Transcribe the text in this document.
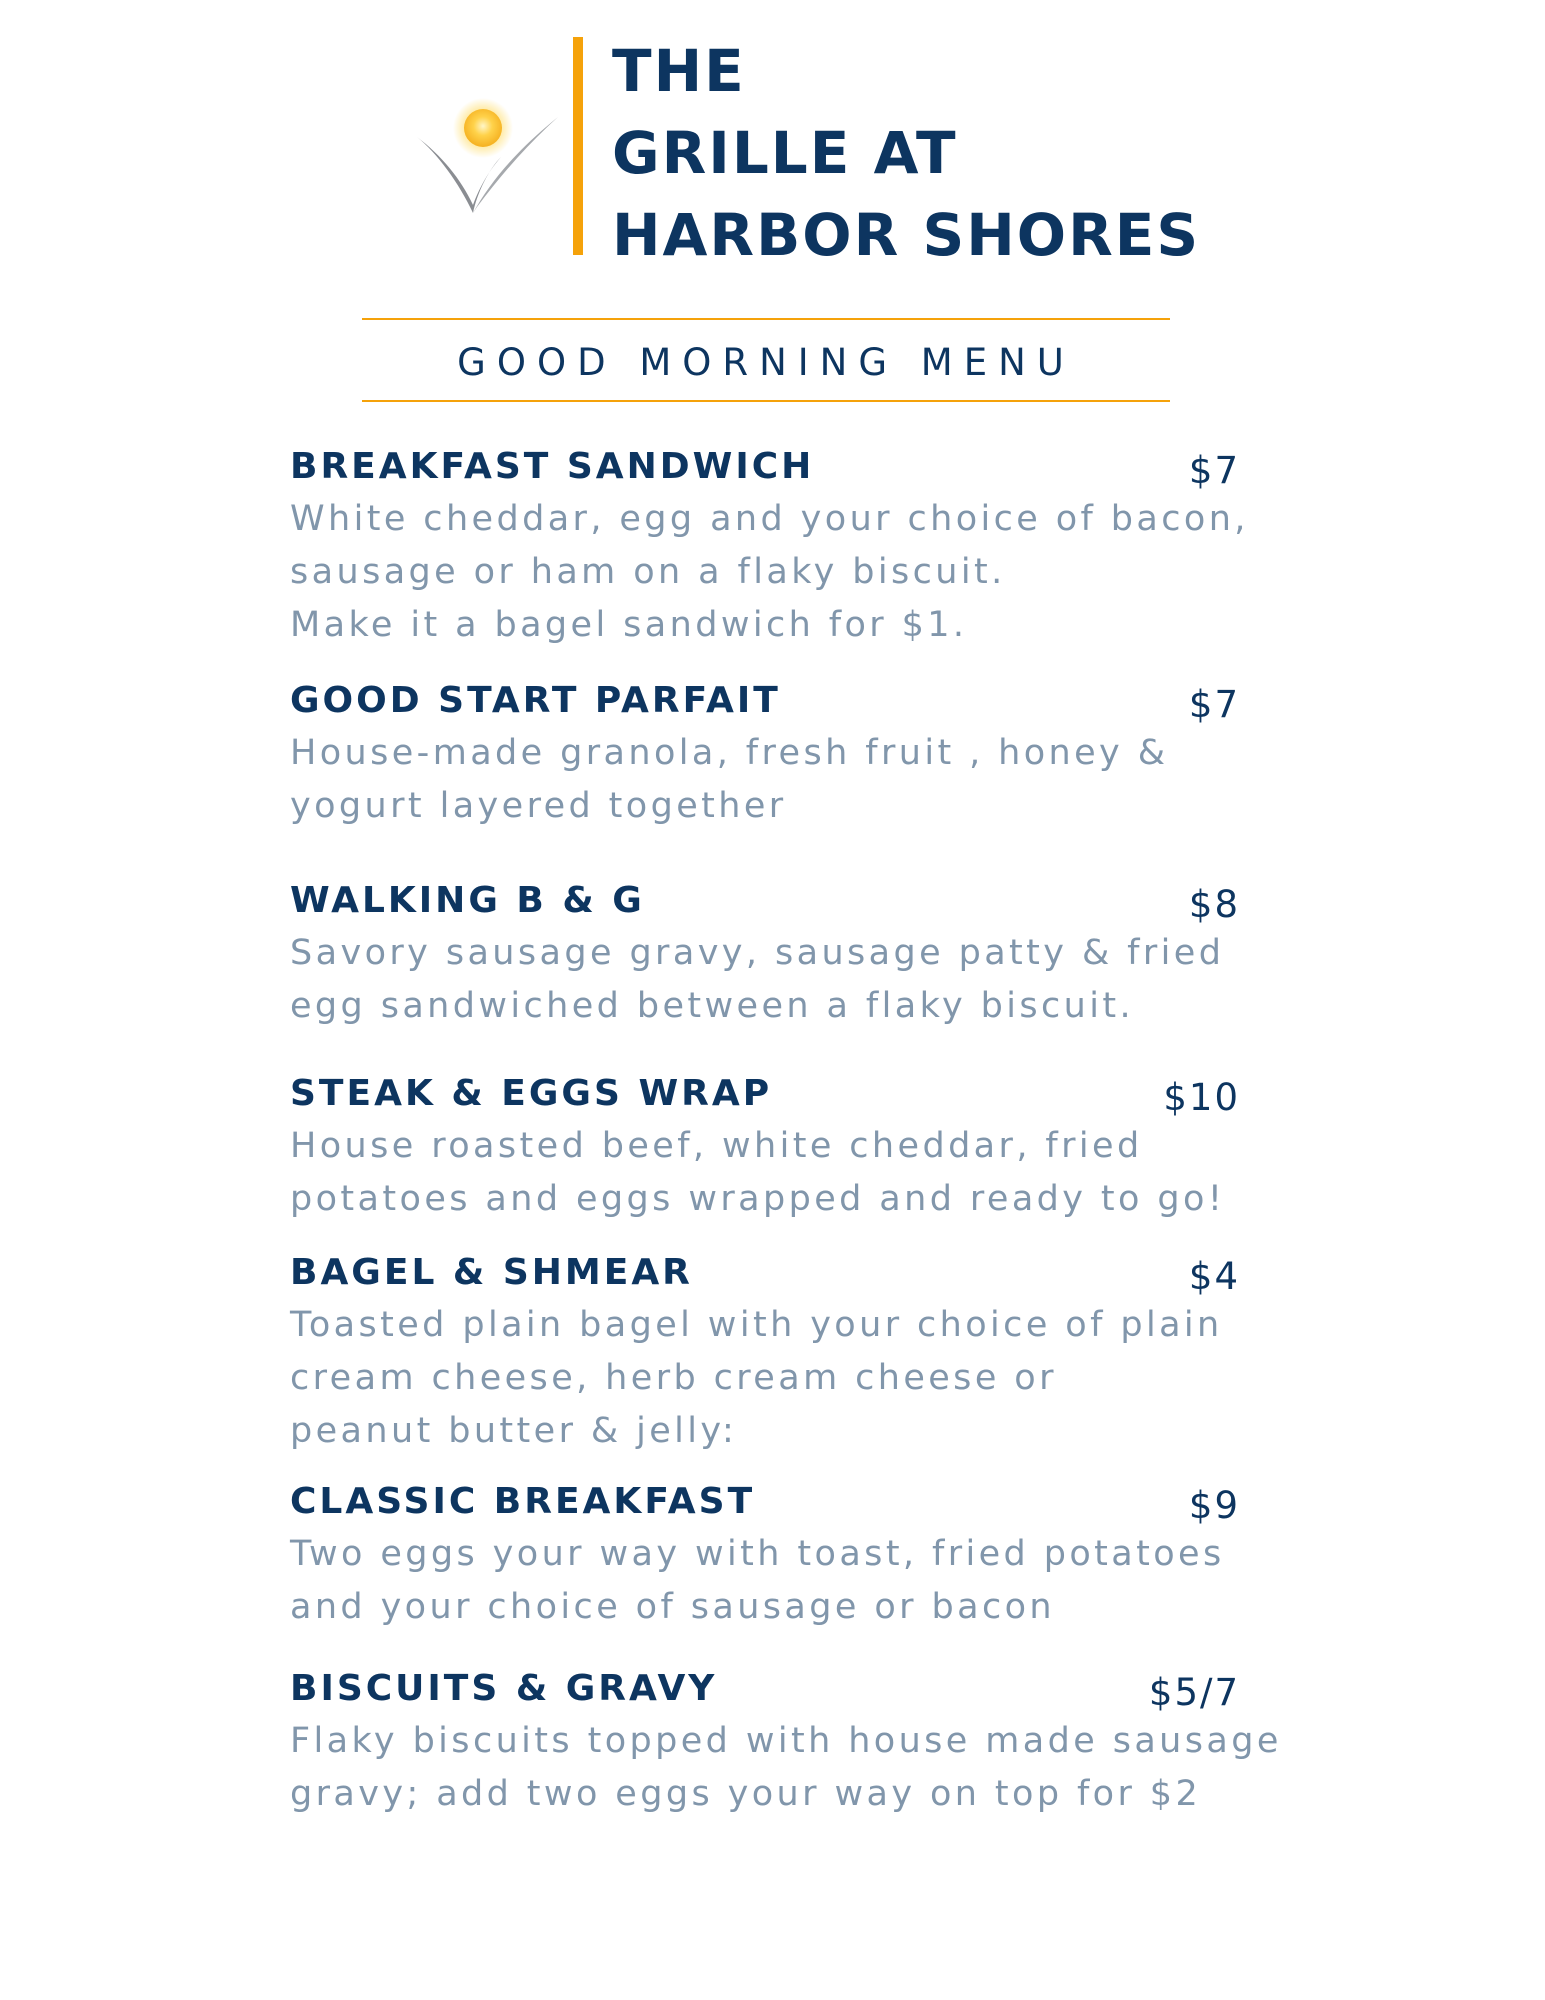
THE
GRILLE AT
HARBOR SHORES
GOOD MORNING MENU
BREAKFAST SANDWICH	$7
White cheddar, egg and your choice of bacon,
sausage or ham on a flaky biscuit.
Make it a bagel sandwich for $1.
GOOD START PARFAIT	$7
House-made granola, fresh fruit , honey &
yogurt layered together
WALKING B & G	$8
Savory sausage gravy, sausage patty & fried
egg sandwiched between a flaky biscuit.
STEAK & EGGS WRAP	$10
House roasted beef, white cheddar, fried
potatoes and eggs wrapped and ready to go!
BAGEL & SHMEAR	$4
Toasted plain bagel with your choice of plain
cream cheese, herb cream cheese or
peanut butter & jelly:
CLASSIC BREAKFAST	$9
Two eggs your way with toast, fried potatoes
and your choice of sausage or bacon
BISCUITS & GRAVY	$5/7
Flaky biscuits topped with house made sausage
gravy; add two eggs your way on top for $2
